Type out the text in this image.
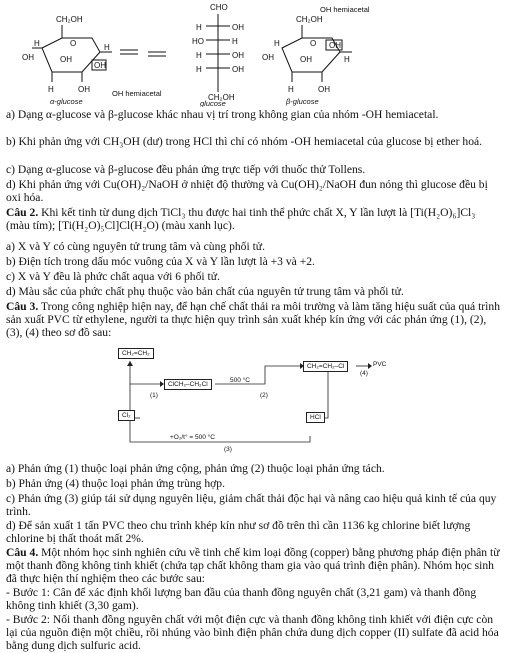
CH₂OH
H	O	H
OH	OH
OH
H	OH
CHO
H	OH
HO	H
H	OH
H	OH
CH₂OH
CH₂OH
H	O OH
OH	OH	H
H	OH
α-glucose	glucose	β-glucose
OH hemiacetal
OH hemiacetal

a) Dạng α-glucose và β-glucose khác nhau vị trí trong không gian của nhóm -OH hemiacetal.

b) Khi phản ứng với CH₃OH (dư) trong HCl thì chỉ có nhóm -OH hemiacetal của glucose bị ether hoá.

c) Dạng α-glucose và β-glucose đều phản ứng trực tiếp với thuốc thử Tollens.

d) Khi phản ứng với Cu(OH)₂/NaOH ở nhiệt độ thường và Cu(OH)₂/NaOH đun nóng thì glucose đều bị oxi hóa.

Câu 2. Khi kết tinh từ dung dịch TiCl₃ thu được hai tinh thể phức chất X, Y lần lượt là [Ti(H₂O)₆]Cl₃ (màu tím); [Ti(H₂O)₅Cl]Cl(H₂O) (màu xanh lục).

a) X và Y có cùng nguyên tử trung tâm và cùng phối tử.

b) Điện tích trong dấu móc vuông của X và Y lần lượt là +3 và +2.

c) X và Y đều là phức chất aqua với 6 phối tử.

d) Màu sắc của phức chất phụ thuộc vào bản chất của nguyên tử trung tâm và phối tử.

Câu 3. Trong công nghiệp hiện nay, để hạn chế chất thải ra môi trường và làm tăng hiệu suất của quá trình sản xuất PVC từ ethylene, người ta thực hiện quy trình sản xuất khép kín ứng với các phản ứng (1), (2), (3), (4) theo sơ đồ sau:

CH₂=CH₂
ClCH₂–CH₂Cl
CH₂=CH₂–Cl	PVC
Cl₂	HCl
500 °C
+O₂/t° = 500 °C
(1)	(2)
(3)
(4)

a) Phản ứng (1) thuộc loại phản ứng cộng, phản ứng (2) thuộc loại phản ứng tách.

b) Phản ứng (4) thuộc loại phản ứng trùng hợp.

c) Phản ứng (3) giúp tái sử dụng nguyên liệu, giảm chất thải độc hại và nâng cao hiệu quả kinh tế của quy trình.

d) Để sản xuất 1 tấn PVC theo chu trình khép kín như sơ đồ trên thì cần 1136 kg chlorine biết lượng chlorine bị thất thoát mất 2%.

Câu 4. Một nhóm học sinh nghiên cứu về tinh chế kim loại đồng (copper) bằng phương pháp điện phân từ một thanh đồng không tinh khiết (chứa tạp chất không tham gia vào quá trình điện phân). Nhóm học sinh đã thực hiện thí nghiệm theo các bước sau:

- Bước 1: Cân để xác định khối lượng ban đầu của thanh đồng nguyên chất (3,21 gam) và thanh đồng không tinh khiết (3,30 gam).

- Bước 2: Nối thanh đồng nguyên chất với một điện cực và thanh đồng không tinh khiết với điện cực còn lại của nguồn điện một chiều, rồi nhúng vào bình điện phân chứa dung dịch copper (II) sulfate đã acid hóa bằng dung dịch sulfuric acid.
